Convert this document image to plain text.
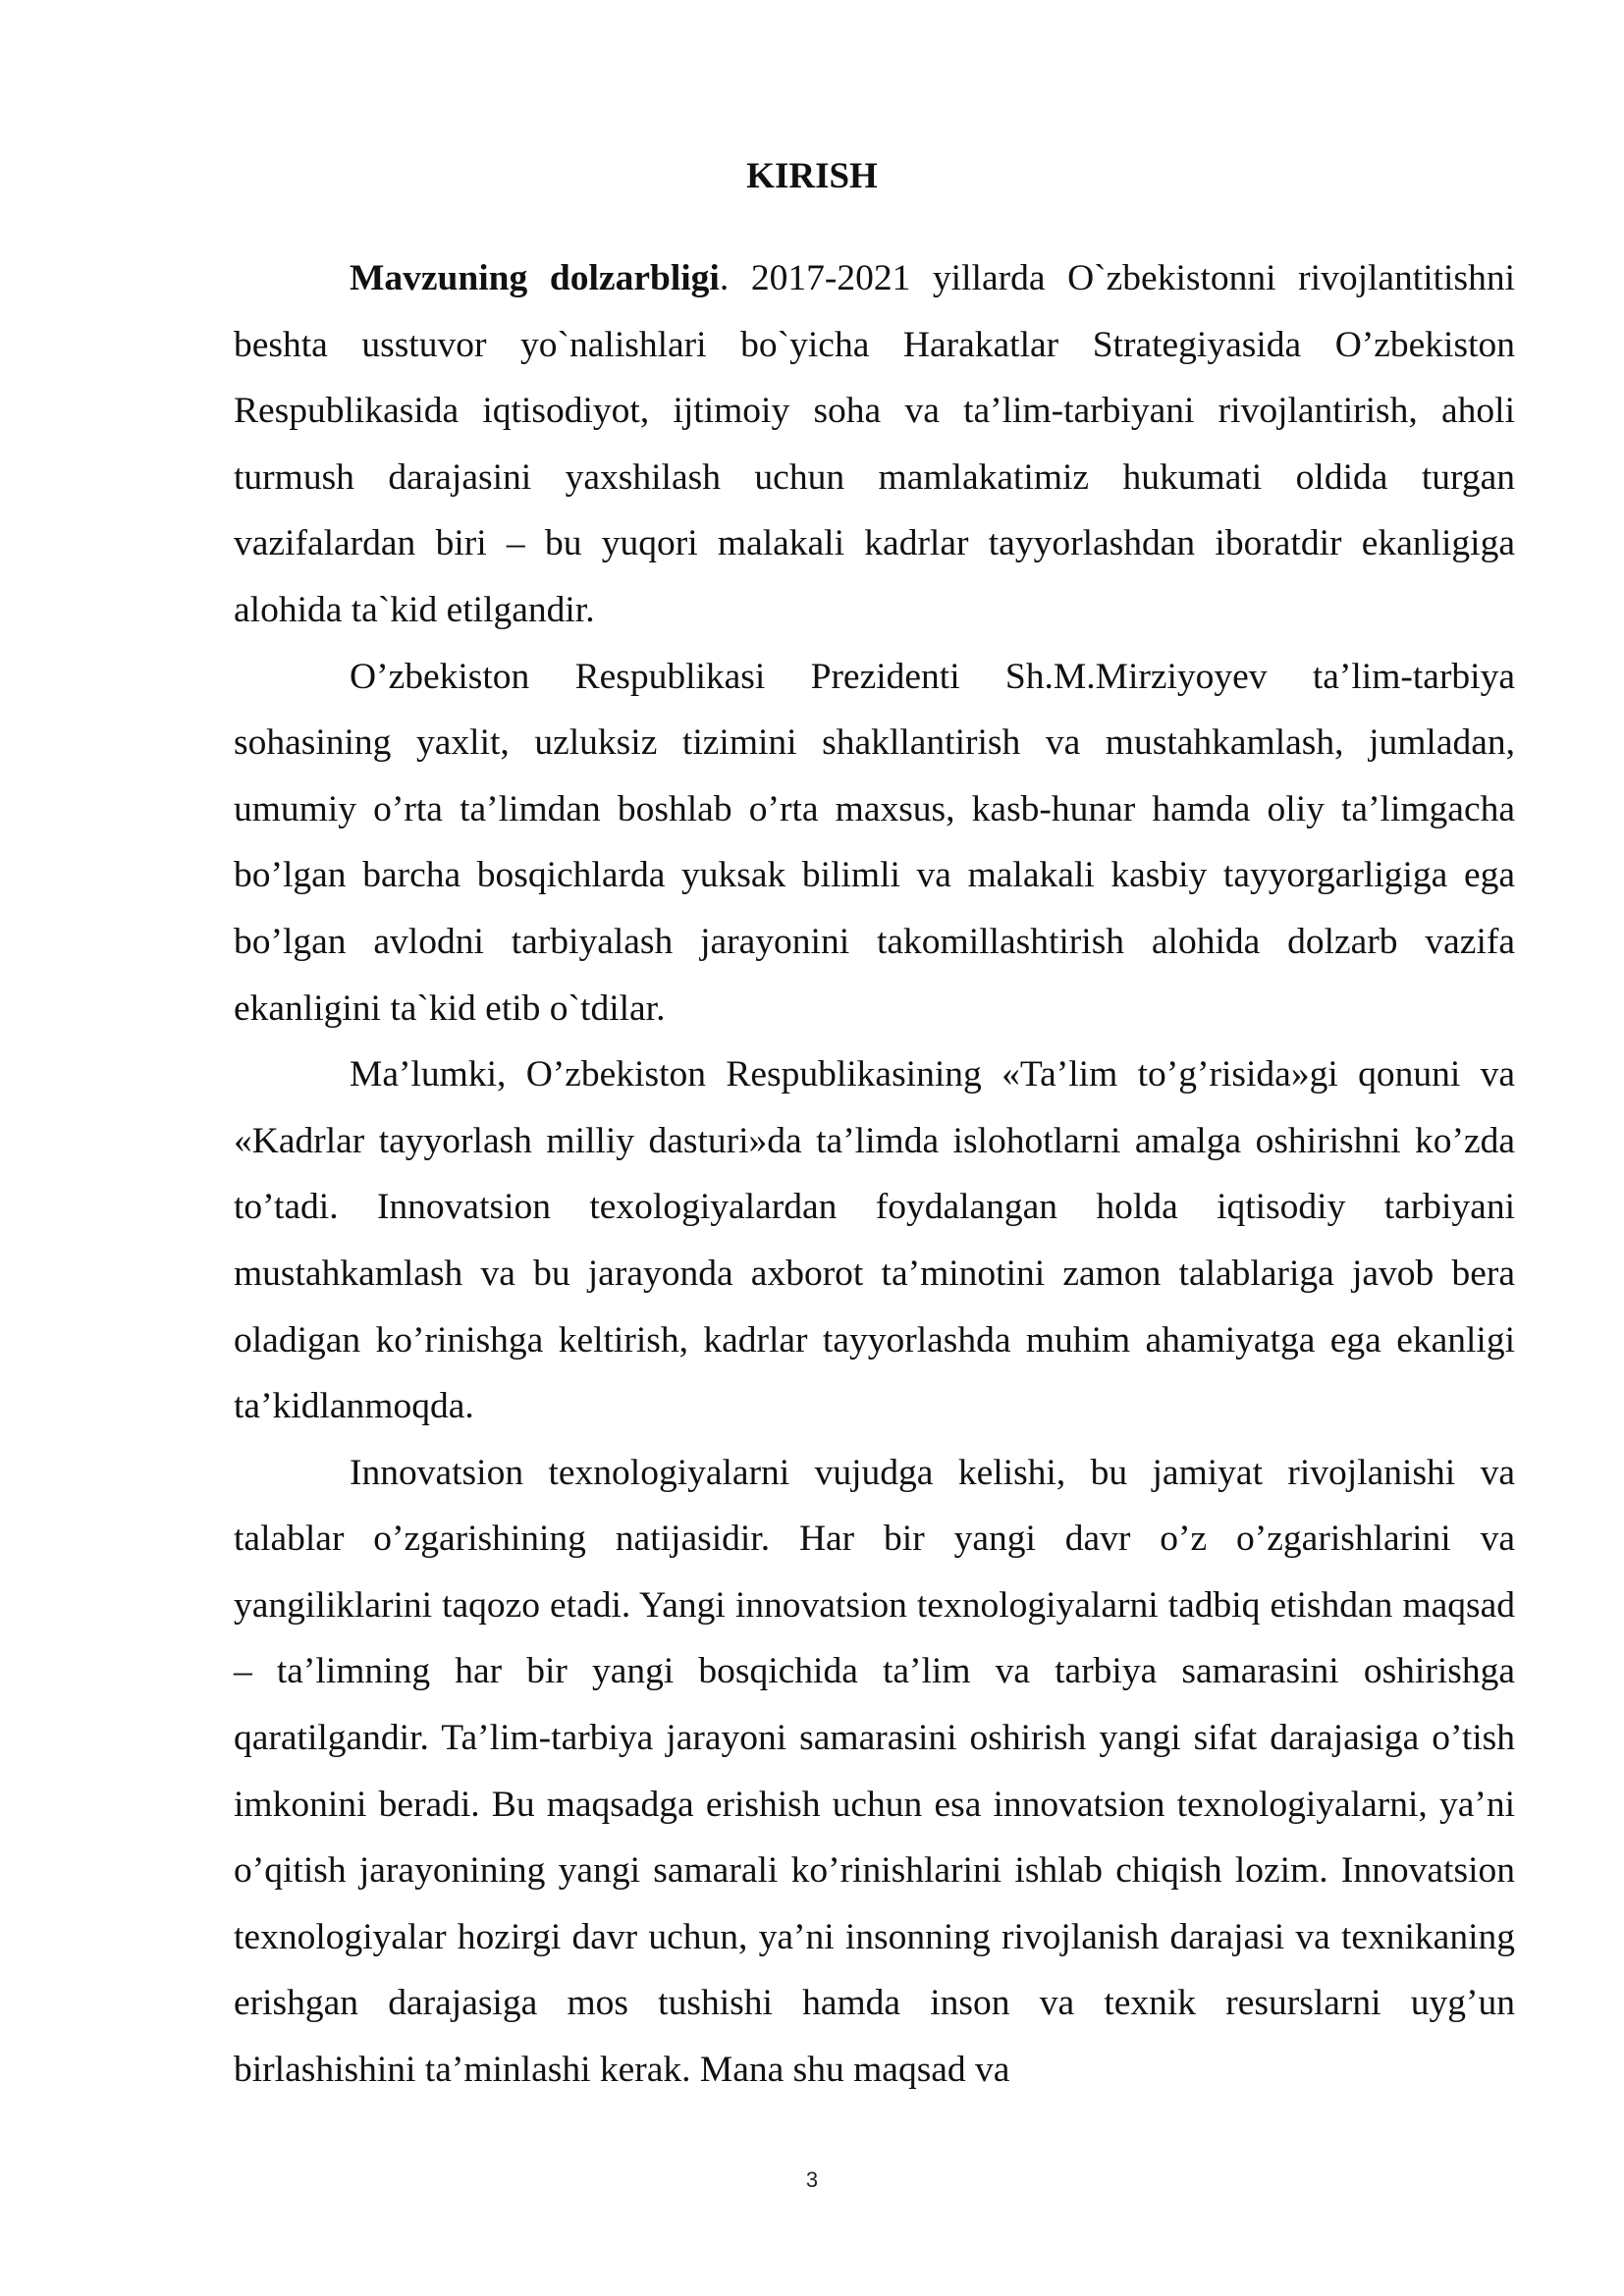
KIRISH

Mavzuning dolzarbligi. 2017-2021 yillarda O`zbekistonni rivojlantitishni beshta usstuvor yo`nalishlari bo`yicha Harakatlar Strategiyasida O’zbekiston Respublikasida iqtisodiyot, ijtimoiy soha va ta’lim-tarbiyani rivojlantirish, aholi turmush darajasini yaxshilash uchun mamlakatimiz hukumati oldida turgan vazifalardan biri – bu yuqori malakali kadrlar tayyorlashdan iboratdir ekanligiga alohida ta`kid etilgandir.

O’zbekiston Respublikasi Prezidenti Sh.M.Mirziyoyev ta’lim-tarbiya sohasining yaxlit, uzluksiz tizimini shakllantirish va mustahkamlash, jumladan, umumiy o’rta ta’limdan boshlab o’rta maxsus, kasb-hunar hamda oliy ta’limgacha bo’lgan barcha bosqichlarda yuksak bilimli va malakali kasbiy tayyorgarligiga ega bo’lgan avlodni tarbiyalash jarayonini takomillashtirish alohida dolzarb vazifa ekanligini ta`kid etib o`tdilar.

Ma’lumki, O’zbekiston Respublikasining «Ta’lim to’g’risida»gi qonuni va «Kadrlar tayyorlash milliy dasturi»da ta’limda islohotlarni amalga oshirishni ko’zda to’tadi. Innovatsion texologiyalardan foydalangan holda iqtisodiy tarbiyani mustahkamlash va bu jarayonda axborot ta’minotini zamon talablariga javob bera oladigan ko’rinishga keltirish, kadrlar tayyorlashda muhim ahamiyatga ega ekanligi ta’kidlanmoqda.

Innovatsion texnologiyalarni vujudga kelishi, bu jamiyat rivojlanishi va talablar o’zgarishining natijasidir. Har bir yangi davr o’z o’zgarishlarini va yangiliklarini taqozo etadi. Yangi innovatsion texnologiyalarni tadbiq etishdan maqsad – ta’limning har bir yangi bosqichida ta’lim va tarbiya samarasini oshirishga qaratilgandir. Ta’lim-tarbiya jarayoni samarasini oshirish yangi sifat darajasiga o’tish imkonini beradi. Bu maqsadga erishish uchun esa innovatsion texnologiyalarni, ya’ni o’qitish jarayonining yangi samarali ko’rinishlarini ishlab chiqish lozim. Innovatsion texnologiyalar hozirgi davr uchun, ya’ni insonning rivojlanish darajasi va texnikaning erishgan darajasiga mos tushishi hamda inson va texnik resurslarni uyg’un birlashishini ta’minlashi kerak. Mana shu maqsad va

3
